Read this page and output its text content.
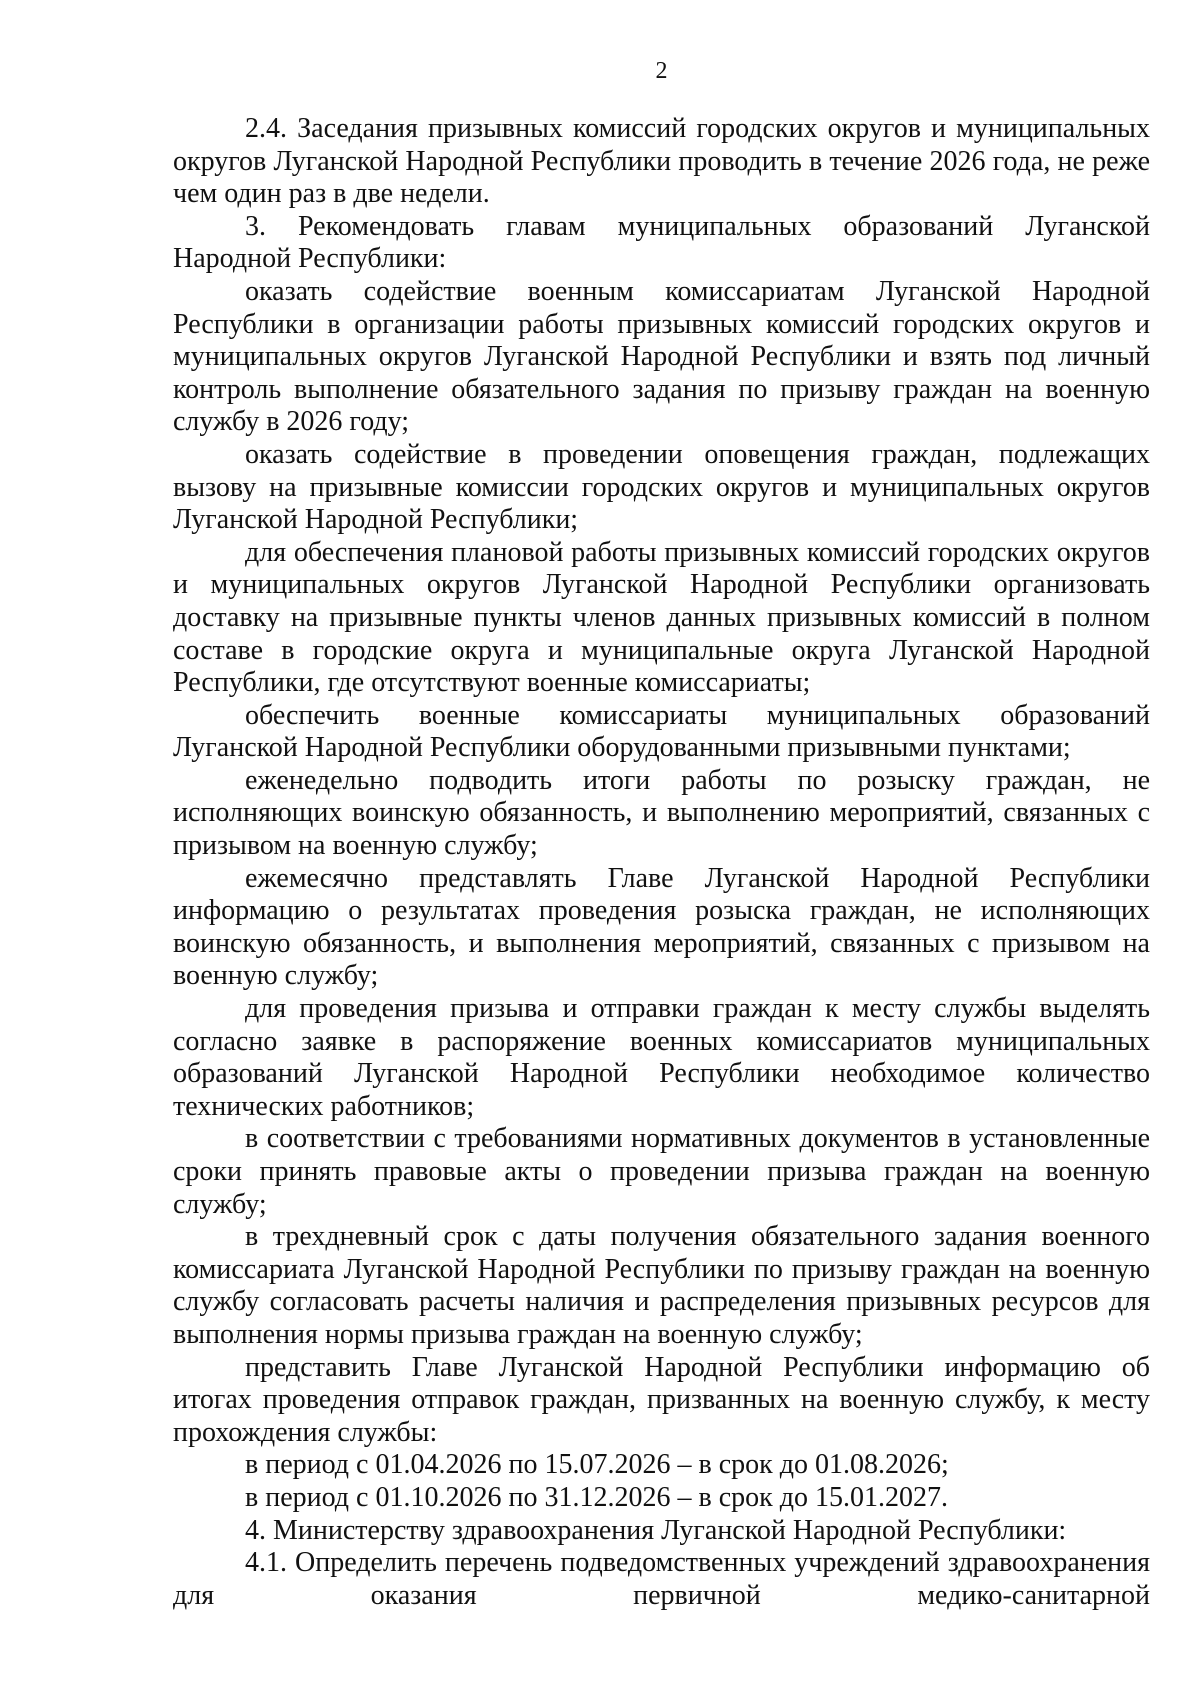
2

2.4. Заседания призывных комиссий городских округов и муниципальных округов Луганской Народной Республики проводить в течение 2026 года, не реже чем один раз в две недели.

3. Рекомендовать главам муниципальных образований Луганской Народной Республики:

оказать содействие военным комиссариатам Луганской Народной Республики в организации работы призывных комиссий городских округов и муниципальных округов Луганской Народной Республики и взять под личный контроль выполнение обязательного задания по призыву граждан на военную службу в 2026 году;

оказать содействие в проведении оповещения граждан, подлежащих вызову на призывные комиссии городских округов и муниципальных округов Луганской Народной Республики;

для обеспечения плановой работы призывных комиссий городских округов и муниципальных округов Луганской Народной Республики организовать доставку на призывные пункты членов данных призывных комиссий в полном составе в городские округа и муниципальные округа Луганской Народной Республики, где отсутствуют военные комиссариаты;

обеспечить военные комиссариаты муниципальных образований Луганской Народной Республики оборудованными призывными пунктами;

еженедельно подводить итоги работы по розыску граждан, не исполняющих воинскую обязанность, и выполнению мероприятий, связанных с призывом на военную службу;

ежемесячно представлять Главе Луганской Народной Республики информацию о результатах проведения розыска граждан, не исполняющих воинскую обязанность, и выполнения мероприятий, связанных с призывом на военную службу;

для проведения призыва и отправки граждан к месту службы выделять согласно заявке в распоряжение военных комиссариатов муниципальных образований Луганской Народной Республики необходимое количество технических работников;

в соответствии с требованиями нормативных документов в установленные сроки принять правовые акты о проведении призыва граждан на военную службу;

в трехдневный срок с даты получения обязательного задания военного комиссариата Луганской Народной Республики по призыву граждан на военную службу согласовать расчеты наличия и распределения призывных ресурсов для выполнения нормы призыва граждан на военную службу;

представить Главе Луганской Народной Республики информацию об итогах проведения отправок граждан, призванных на военную службу, к месту прохождения службы:

в период с 01.04.2026 по 15.07.2026 – в срок до 01.08.2026;

в период с 01.10.2026 по 31.12.2026 – в срок до 15.01.2027.

4. Министерству здравоохранения Луганской Народной Республики:

4.1. Определить перечень подведомственных учреждений здравоохранения для оказания первичной медико-санитарной
